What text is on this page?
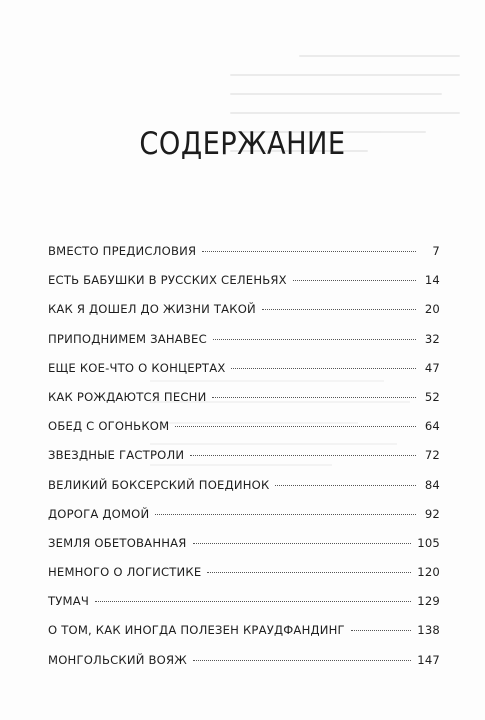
СОДЕРЖАНИЕ
ВМЕСТО ПРЕДИСЛОВИЯ	7
ЕСТЬ БАБУШКИ В РУССКИХ СЕЛЕНЬЯХ	14
КАК Я ДОШЕЛ ДО ЖИЗНИ ТАКОЙ	20
ПРИПОДНИМЕМ ЗАНАВЕС	32
ЕЩЕ КОЕ-ЧТО О КОНЦЕРТАХ	47
КАК РОЖДАЮТСЯ ПЕСНИ	52
ОБЕД С ОГОНЬКОМ	64
ЗВЕЗДНЫЕ ГАСТРОЛИ	72
ВЕЛИКИЙ БОКСЕРСКИЙ ПОЕДИНОК	84
ДОРОГА ДОМОЙ	92
ЗЕМЛЯ ОБЕТОВАННАЯ	105
НЕМНОГО О ЛОГИСТИКЕ	120
ТУМАЧ	129
О ТОМ, КАК ИНОГДА ПОЛЕЗЕН КРАУДФАНДИНГ	138
МОНГОЛЬСКИЙ ВОЯЖ	147
